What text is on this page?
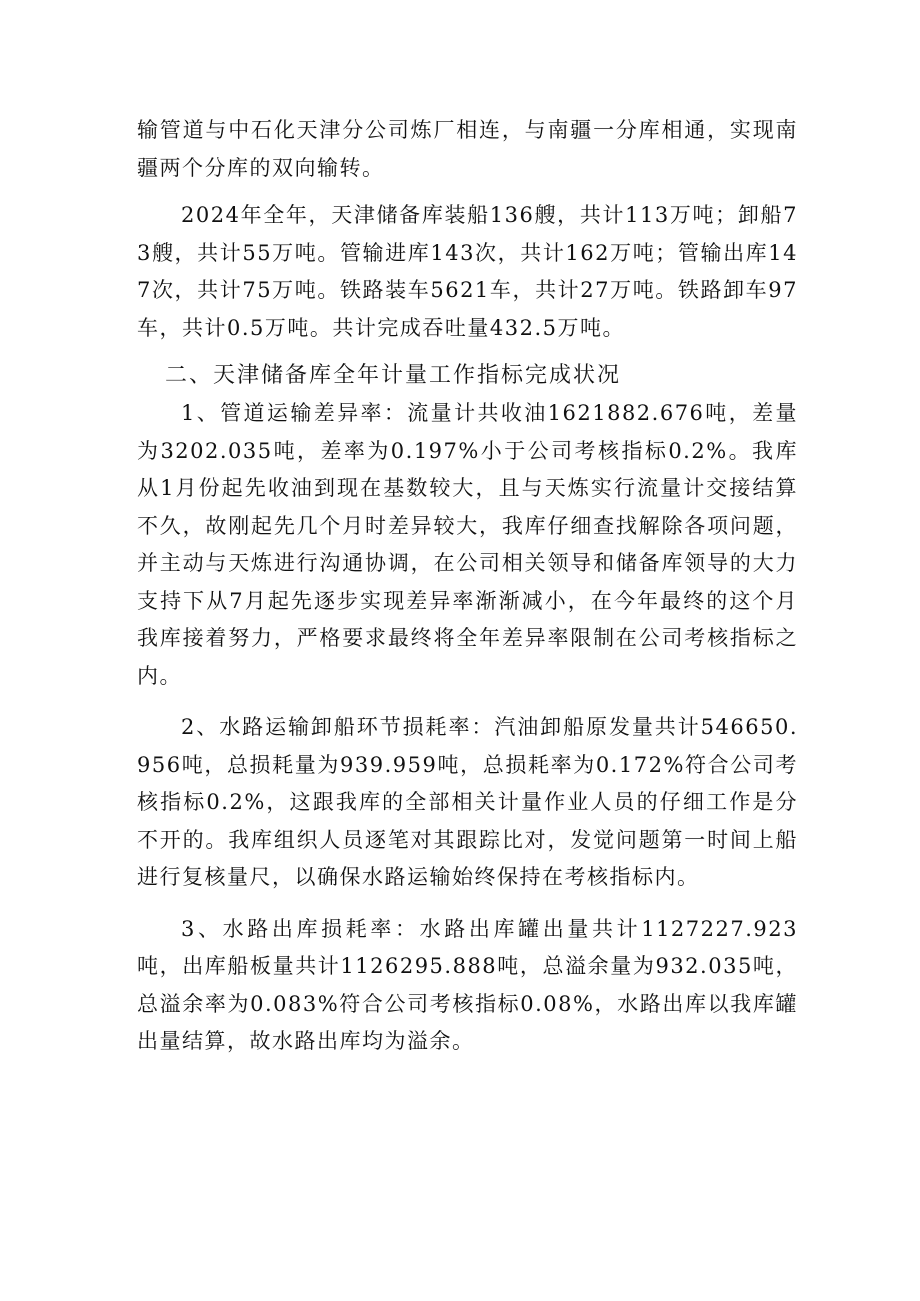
输管道与中石化天津分公司炼厂相连，与南疆一分库相通，实现南疆两个分库的双向输转。

2024年全年，天津储备库装船136艘，共计113万吨；卸船73艘，共计55万吨。管输进库143次，共计162万吨；管输出库147次，共计75万吨。铁路装车5621车，共计27万吨。铁路卸车97车，共计0.5万吨。共计完成吞吐量432.5万吨。

二、天津储备库全年计量工作指标完成状况

1、管道运输差异率：流量计共收油1621882.676吨，差量为3202.035吨，差率为0.197%小于公司考核指标0.2%。我库从1月份起先收油到现在基数较大，且与天炼实行流量计交接结算不久，故刚起先几个月时差异较大，我库仔细查找解除各项问题，并主动与天炼进行沟通协调，在公司相关领导和储备库领导的大力支持下从7月起先逐步实现差异率渐渐减小，在今年最终的这个月我库接着努力，严格要求最终将全年差异率限制在公司考核指标之内。

2、水路运输卸船环节损耗率：汽油卸船原发量共计546650.956吨，总损耗量为939.959吨，总损耗率为0.172%符合公司考核指标0.2%，这跟我库的全部相关计量作业人员的仔细工作是分不开的。我库组织人员逐笔对其跟踪比对，发觉问题第一时间上船进行复核量尺，以确保水路运输始终保持在考核指标内。

3、水路出库损耗率：水路出库罐出量共计1127227.923吨，出库船板量共计1126295.888吨，总溢余量为932.035吨，总溢余率为0.083%符合公司考核指标0.08%，水路出库以我库罐出量结算，故水路出库均为溢余。
